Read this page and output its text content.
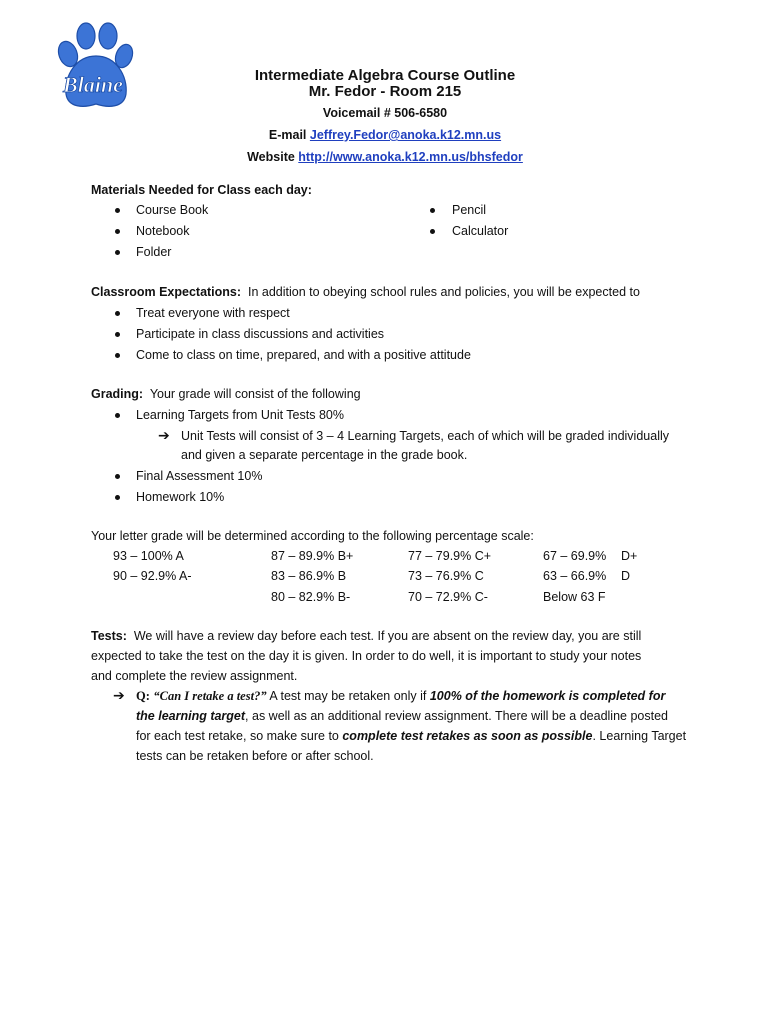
Blaine	Intermediate Algebra Course Outline
Mr. Fedor - Room 215
Voicemail # 506-6580
E-mail Jeffrey.Fedor@anoka.k12.mn.us
Website http://www.anoka.k12.mn.us/bhsfedor
Materials Needed for Class each day:
Course Book
Notebook
Folder
Pencil
Calculator
Classroom Expectations: In addition to obeying school rules and policies, you will be expected to
Treat everyone with respect
Participate in class discussions and activities
Come to class on time, prepared, and with a positive attitude
Grading: Your grade will consist of the following
Learning Targets from Unit Tests 80%
➔ Unit Tests will consist of 3 – 4 Learning Targets, each of which will be graded individually
and given a separate percentage in the grade book.
Final Assessment 10%
Homework 10%
Your letter grade will be determined according to the following percentage scale:
93 – 100% A
90 – 92.9% A-
87 – 89.9% B+
83 – 86.9% B
80 – 82.9% B-
77 – 79.9% C+
73 – 76.9% C
70 – 72.9% C-
67 – 69.9%
63 – 66.9%
Below 63 F
D+
D
Tests: We will have a review day before each test. If you are absent on the review day, you are still
expected to take the test on the day it is given. In order to do well, it is important to study your notes
and complete the review assignment.
➔ Q: “Can I retake a test?” A test may be retaken only if 100% of the homework is completed for
the learning target, as well as an additional review assignment. There will be a deadline posted
for each test retake, so make sure to complete test retakes as soon as possible. Learning Target
tests can be retaken before or after school.
